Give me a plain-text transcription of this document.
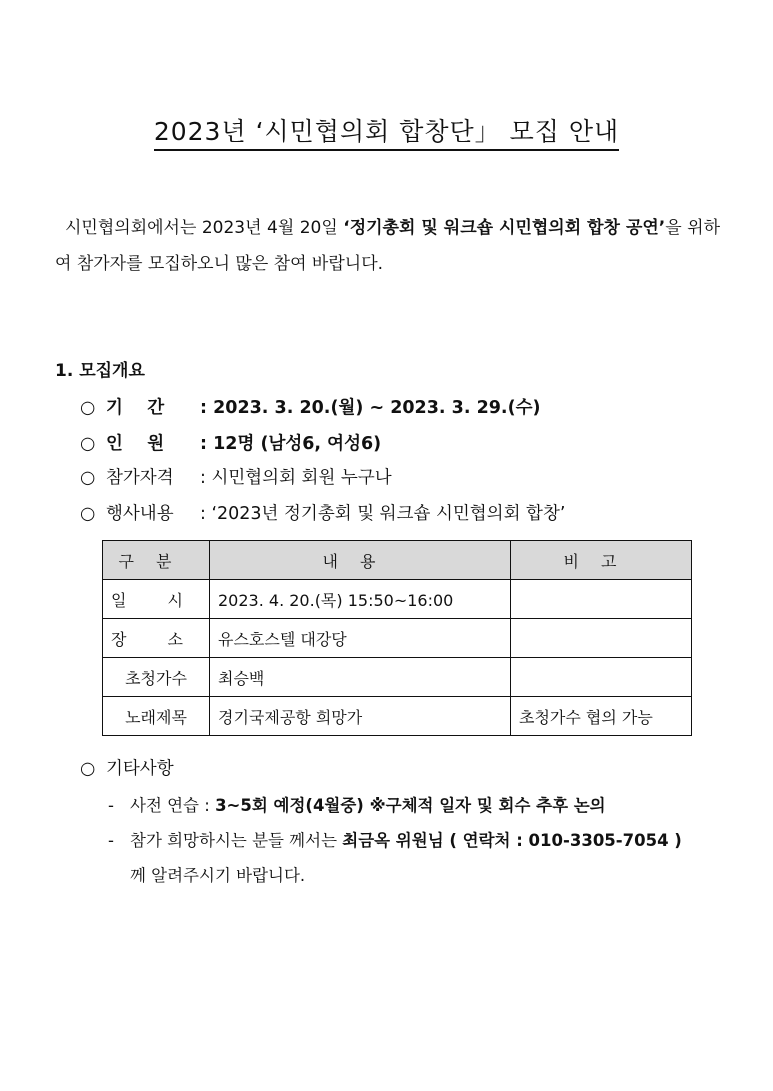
2023년 ‘시민협의회 합창단」 모집 안내
시민협의회에서는 2023년 4월 20일 ‘정기총회 및 워크숍 시민협의회 합창 공연’을 위하여 참가자를 모집하오니 많은 참여 바랍니다.
1. 모집개요
○ 기    간 : 2023. 3. 20.(월) ~ 2023. 3. 29.(수)
○ 인    원 : 12명 (남성6, 여성6)
○ 참가자격 : 시민협의회 회원 누구나
○ 행사내용 : ‘2023년 정기총회 및 워크숍 시민협의회 합창’
구분	내용	비고
일 시	2023. 4. 20.(목) 15:50~16:00	
장 소	유스호스텔 대강당	
초청가수	최승백	
노래제목	경기국제공항 희망가	초청가수 협의 가능
○ 기타사항
- 사전 연습 : 3~5회 예정(4월중) ※구체적 일자 및 회수 추후 논의
- 참가 희망하시는 분들 께서는 최금옥 위원님 ( 연락처 : 010-3305-7054 )
께 알려주시기 바랍니다.
